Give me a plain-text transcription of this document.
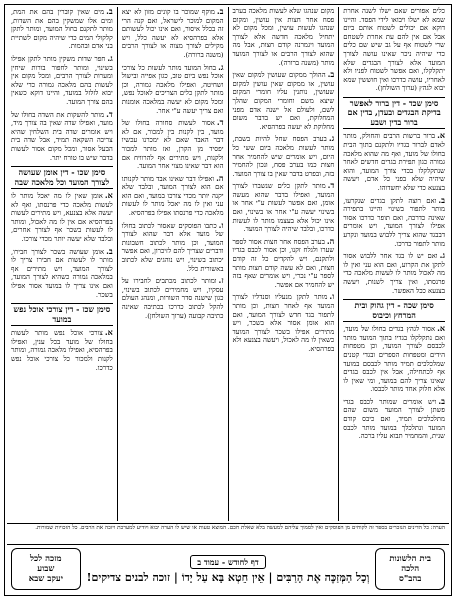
כלים אפורים שאם ישלו לשנה אחרת שמא לא ישלו ויבואו לידי הפסד. והיינו דוקא אם יכולים לשטוח אותם ביום אבל אם אין להם עת אחרת לשטחם שרי לשטוח אף על גב שיש שם כלים כדי שיהיה ניכר שאינו עושה לצורך המועד אלא לצורך הבגדים שלא יתקלקלו, ואם אפשר לשטוח לפניו ולא לאחריו, עושה כדרכו ואין חוששין שמא יבוא לגהץ (ערוך השולחן).

סימן שכד - דין ברור לאפשר בדיקת הבגדים ובעדן, בדין אם ברור בדין ושבע

א.ברור ברשות הרבים והחולק, מותר לאדם לברור בגדיו ולתקנם בתוך הבית בחולו של מועד, ואף מה שהוא מלאכה גמורה כגון תפירת בגדים חדשים לאחר שנתקלקלו בכדי צורך המועד, והוא שיהיה שלא בפני כל אדם, ויעשה בצנעא כדי שלא יחשדוהו.

ב.ואם רוצה לתקן בגדים שנקרעו, מותר לתפור בשינוי והיינו בתפירה שאינה כדרכה, ואם תופר כדרכו אסור אפילו לצורך המועד, ויש אומרים דבבגד שהוא צריך ללבוש במועד ונקרע מותר לתפור כדרכו.

ג.ואם יש לו בגד אחר ללבוש אסור לתקן את הקרוע, ואם הוא עני ואין לו מה לאכול מותר לו לעשות מלאכה כדי פרנסתו, ואין צריך לשנות, ויעשה בצנעא ככל האפשר.

סימן שכה - דין גהוק ובית המרחץ וכיבוס

א.אסור לגהץ בגדים בחולו של מועד, ואם נתקלקלו בגדיו בתוך המועד מותר לכבסם לצורך המועד, וכן מטפחות הידים ומטפחות הספרים ובגדי קטנים שמלכלכים תמיד מותר לכבסם במועד אף לכתחילה, אבל אין לכבס בגדים שאינו צריך להם במועד, ומי שאין לו אלא חלוק אחד מותר לכבסו.

ב.ויש אומרים שמותר לכבס בגדי פשתן לצורך המועד משום שהם מתלכלכים תמיד, ואם כיבס קודם המועד ונתלכלך במועד מותר לכבס שנית, והמחמיר תבוא עליו ברכה.

מקום שנהגו שלא לעשות מלאכה בערב פסח אחר חצות אין עושין, ומקום שנהגו לעשות עושין, ומכל מקום לא יתחיל מלאכה חדשה אלא לצורך המועד ויגמרנה קודם חצות, אבל מה שהוא לצורך הרבים או לצורך המועד מותר (משנה ברורה).

ב.ההולך ממקום שעושין למקום שאין עושין, או ממקום שאין עושין למקום שעושין, נותנין עליו חומרי המקום שיצא משם וחומרי המקום שהלך לשם, ולעולם אל ישנה אדם מפני המחלוקת, ואם יש בדבר משום מחלוקת לא יעשה בפרהסיא.

ג.בערב הפסח שחל להיות בשבת, מותר לעשות מלאכה ביום ששי כל היום, ויש אומרים שיש להחמיר אחר חצות כמו בערב פסח, ונכון להחמיר בזה, ובפרט בדבר שאין בו צורך המועד.

ד.מותר לתקן כלים שנשברו לצורך המועד, ואפילו בדבר שהוא מעשה אומן, ואם אפשר לעשות ע"י אחר או בשינוי יעשה ע"י אחר או בשינוי, ואם אינו יכול אלא בעצמו מותר לו לעשות כדרכו, ובלבד שיהיה לצורך המועד.

ה.בערב הפסח אחר חצות אסור לספר שערו ולגלח זקנו, וכן אסור לכבס בגדיו ולתקנם, ויש להקדים כל זה קודם חצות, ואם לא עשה קודם חצות מותר לספר ע"י נכרי, ויש אומרים שאף בזה יש להחמיר אם אפשר.

ו.מותר לתקן מנעליו וסנדליו לצורך המועד אף לאחר חצות, וכן מותר לתפור בגד חדש לצורך המועד, ואם הוא אומן אסור אלא בשכר, ויש מתירים אפילו בשכר לצורך המועד כשאין לו מה לאכול, ויעשה בצנעא ולא בפרהסיא.

ב.מוקף שמוכר בו קונים מזון לא יצא המקום למוכר לישראל, ואם קנה הרי זה בכלל איסור, ואם אינו יכול לעשותם אלא בפרהסיא לא יעשה כלל, ויש מקילים לצורך מצוה או לצורך הרבים (משנה ברורה).

ג.בחול המועד מותר לעשות כל צורכי אוכל נפש ביום טוב, כגון אפייה ובישול ושחיטה, ואפילו מלאכה גמורה, וכן מותר לתקן כלים הצריכים לאוכל נפש, ומכל מקום לא יעשה במלאכה אומנות ואם צריך יעשה ע"י אחר.

ד.אסור לעשות סחורה בחולו של מועד, בין לקנות בין למכור, אם לא דבר האבד שאם לא ימכרנו עכשיו יפסיד מן הקרן, ואז מותר למכור ולקנות, ויש מתירים אף להרוויח אם הוא דבר שאינו מצוי אחר המועד.

ה.ואפילו דבר שאינו אבד מותר לקנותו אם הוא לצורך המועד, ובלבד שלא יקנה יותר מכדי צורכו במועד, ואם הוא עני ואין לו מה יאכל מותר לו לעשות מלאכה כדי פרנסתו אפילו בפרהסיא.

ו.כתבו הפוסקים שאסור לכתוב בחולו של מועד אלא דבר שהוא לצורך המועד, וכן מותר לכתוב חשבונות ודברים שצריך להם לזיכרון, ואם אפשר יכתוב בשינוי, ויש נוהגים שלא לכתוב באשורית כלל.

ז.ומותר לכתוב מכתבים לחבירו על עסקיו, ויש מחמירים לכתוב בשינוי, כגון שישנה סדר השורות, ומנהג העולם להקל לכתוב כדרכו בכתיבה שאינה כתיבה קבועה (ערוך השולחן).

ב.מים שאין קוברין בהם את המת, ומים אלו שמשקין בהם את השדות, מותר לתקנם בחול המועד, ומותר לתקן קלקולי המים כדי שיהיה מקום לשתיית בני אדם ובהמות.

ג.חפר שדות משקין מותר לתקן אפילו בשינוי, ומותר לחפור בורות שיחין ומערות לצורך הרבים, ומכל מקום אין לעשות בהם מלאכה גמורה כדי שלא יבוא לזלזל במועד, והיינו דוקא כשאין בהם צורך המועד.

ד.מותר להשקות את השדה בחולו של מועד, ואפילו שדה שאין בה צורך מיד, ויש אומרים שדה בית השלחין שהיא צריכה השקאה תמיד, אבל שדה בית הבעל אסור, ומכל מקום אסור לעשות בדבר שיש בו טורח יתר.

סימן שכו - דין אומן שעושה לצורך המועד וכל מלאכה שבה

א.אומן שאין לו מה יאכל מותר לו לעשות מלאכה כדי פרנסתו, ואף לא יעשה אלא בצנעא, ויש מתירים לעשות בפרהסיא אם אין לו מה לאכול, ומותר לו לעשות בשכר אף לצורך אחרים, ובלבד שלא יעשה יותר מכדי צורכו.

ב.אומן שעושה בשכר לצורך חבירו, מותר לו לעשות אם חבירו צריך לו לצורך המועד, ויש מתירים אף במלאכה גמורה כשהיא לצורך המועד, ואם אינו צריך לו במועד אסור אפילו בשכר.

סימן שכז - דין צורכי אוכל נפש במועד

א.צורכי אוכל נפש מותר לעשות בחולו של מועד בכל ענין, ואפילו בפרהסיא, ואפילו מלאכה גמורה, ומותר לקנות ולמכור כל צורכי אוכל נפש כדרכו.

הערה: כל הדינים הנזכרים בספר זה לקוחים מן הפוסקים ואין לסמוך עליהם למעשה בלא שאלת חכם. המוצא טעות או שיש לו הערה יבוא ויודיע למערכת ויזכה את הרבים. כל הזכויות שמורות.
בית הלשונות
הלכה
בהב"ס
דף לחודש - עמוד ב
וְכָל הַמְּזַכֶּה אֶת הָרַבִּים | אֵין חֵטְא בָּא עַל יָדוֹ | זוכה לבנים צדיקים!
מזכה לכל
שבוע
יעקב שבא
